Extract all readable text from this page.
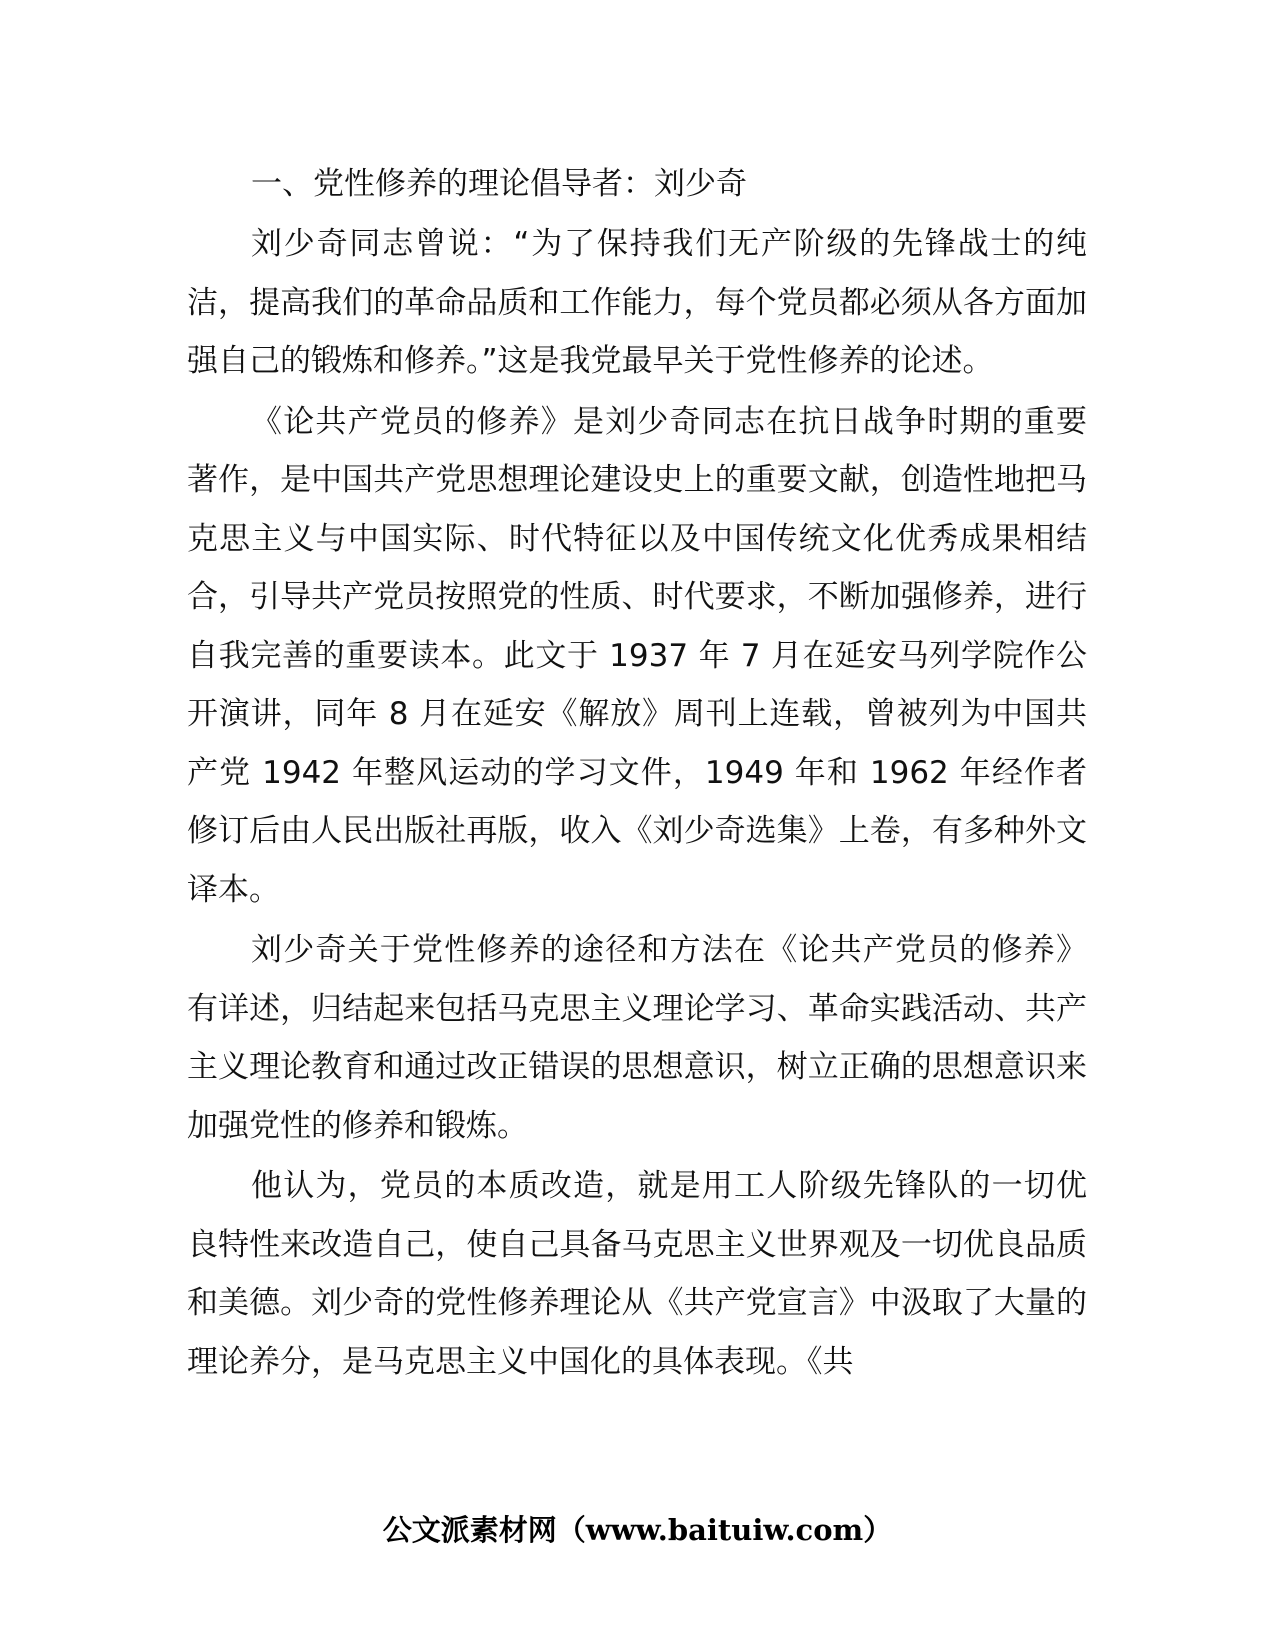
一、党性修养的理论倡导者：刘少奇

刘少奇同志曾说：“为了保持我们无产阶级的先锋战士的纯洁，提高我们的革命品质和工作能力，每个党员都必须从各方面加强自己的锻炼和修养。”这是我党最早关于党性修养的论述。

《论共产党员的修养》是刘少奇同志在抗日战争时期的重要著作，是中国共产党思想理论建设史上的重要文献，创造性地把马克思主义与中国实际、时代特征以及中国传统文化优秀成果相结合，引导共产党员按照党的性质、时代要求，不断加强修养，进行自我完善的重要读本。此文于 1937 年 7 月在延安马列学院作公开演讲，同年 8 月在延安《解放》周刊上连载，曾被列为中国共产党 1942 年整风运动的学习文件，1949 年和 1962 年经作者修订后由人民出版社再版，收入《刘少奇选集》上卷，有多种外文译本。

刘少奇关于党性修养的途径和方法在《论共产党员的修养》有详述，归结起来包括马克思主义理论学习、革命实践活动、共产主义理论教育和通过改正错误的思想意识，树立正确的思想意识来加强党性的修养和锻炼。

他认为，党员的本质改造，就是用工人阶级先锋队的一切优良特性来改造自己，使自己具备马克思主义世界观及一切优良品质和美德。刘少奇的党性修养理论从《共产党宣言》中汲取了大量的理论养分，是马克思主义中国化的具体表现。《共

公文派素材网（www.baituiw.com）
